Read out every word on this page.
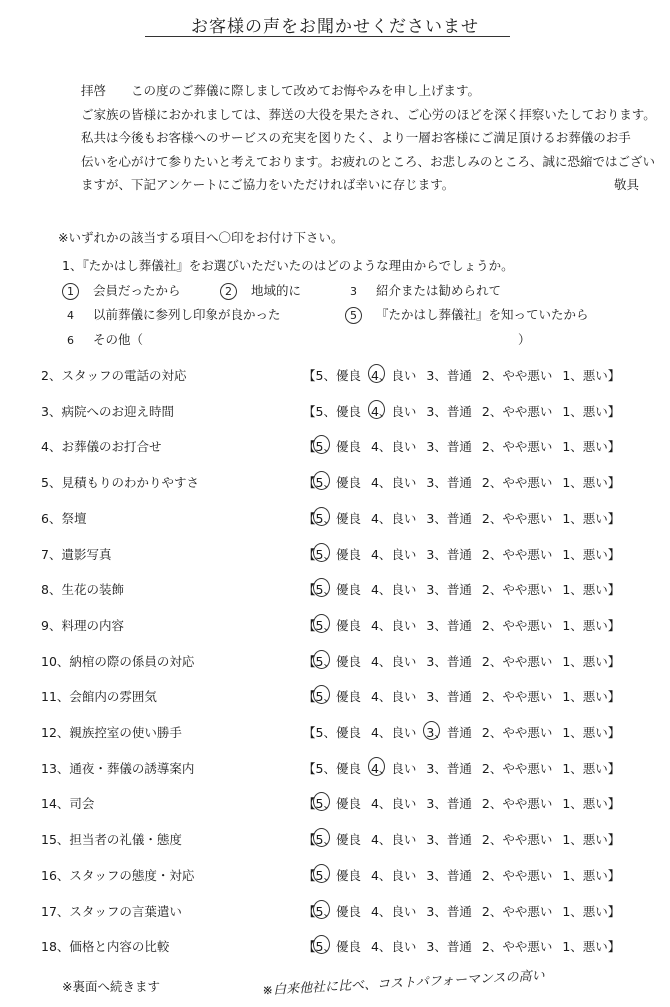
お客様の声をお聞かせくださいませ
拝啓　　この度のご葬儀に際しまして改めてお悔やみを申し上げます。
ご家族の皆様におかれましては、葬送の大役を果たされ、ご心労のほどを深く拝察いたしております。
私共は今後もお客様へのサービスの充実を図りたく、より一層お客様にご満足頂けるお葬儀のお手
伝いを心がけて参りたいと考えております。お疲れのところ、お悲しみのところ、誠に恐縮ではござい
ますが、下記アンケートにご協力をいただければ幸いに存じます。	敬具
※いずれかの該当する項目へ〇印をお付け下さい。
1、『たかはし葬儀社』をお選びいただいたのはどのような理由からでしょうか。
1 会員だったから	2 地域的に	3 紹介または勧められて
4 以前葬儀に参列し印象が良かった	5 『たかはし葬儀社』を知っていたから
6 その他（　　　　　　　　　　　　　　　　　　　　　　　　　　　　　　）
2、スタッフの電話の対応	【5、優良 4、良い 3、普通 2、やや悪い 1、悪い】
3、病院へのお迎え時間	【5、優良 4、良い 3、普通 2、やや悪い 1、悪い】
4、お葬儀のお打合せ	【5、優良 4、良い 3、普通 2、やや悪い 1、悪い】
5、見積もりのわかりやすさ	【5、優良 4、良い 3、普通 2、やや悪い 1、悪い】
6、祭壇	【5、優良 4、良い 3、普通 2、やや悪い 1、悪い】
7、遺影写真	【5、優良 4、良い 3、普通 2、やや悪い 1、悪い】
8、生花の装飾	【5、優良 4、良い 3、普通 2、やや悪い 1、悪い】
9、料理の内容	【5、優良 4、良い 3、普通 2、やや悪い 1、悪い】
10、納棺の際の係員の対応	【5、優良 4、良い 3、普通 2、やや悪い 1、悪い】
11、会館内の雰囲気	【5、優良 4、良い 3、普通 2、やや悪い 1、悪い】
12、親族控室の使い勝手	【5、優良 4、良い 3、普通 2、やや悪い 1、悪い】
13、通夜・葬儀の誘導案内	【5、優良 4、良い 3、普通 2、やや悪い 1、悪い】
14、司会	【5、優良 4、良い 3、普通 2、やや悪い 1、悪い】
15、担当者の礼儀・態度	【5、優良 4、良い 3、普通 2、やや悪い 1、悪い】
16、スタッフの態度・対応	【5、優良 4、良い 3、普通 2、やや悪い 1、悪い】
17、スタッフの言葉遣い	【5、優良 4、良い 3、普通 2、やや悪い 1、悪い】
18、価格と内容の比較	【5、優良 4、良い 3、普通 2、やや悪い 1、悪い】
※裏面へ続きます	※白来他社に比べ、コストパフォーマンスの高い
